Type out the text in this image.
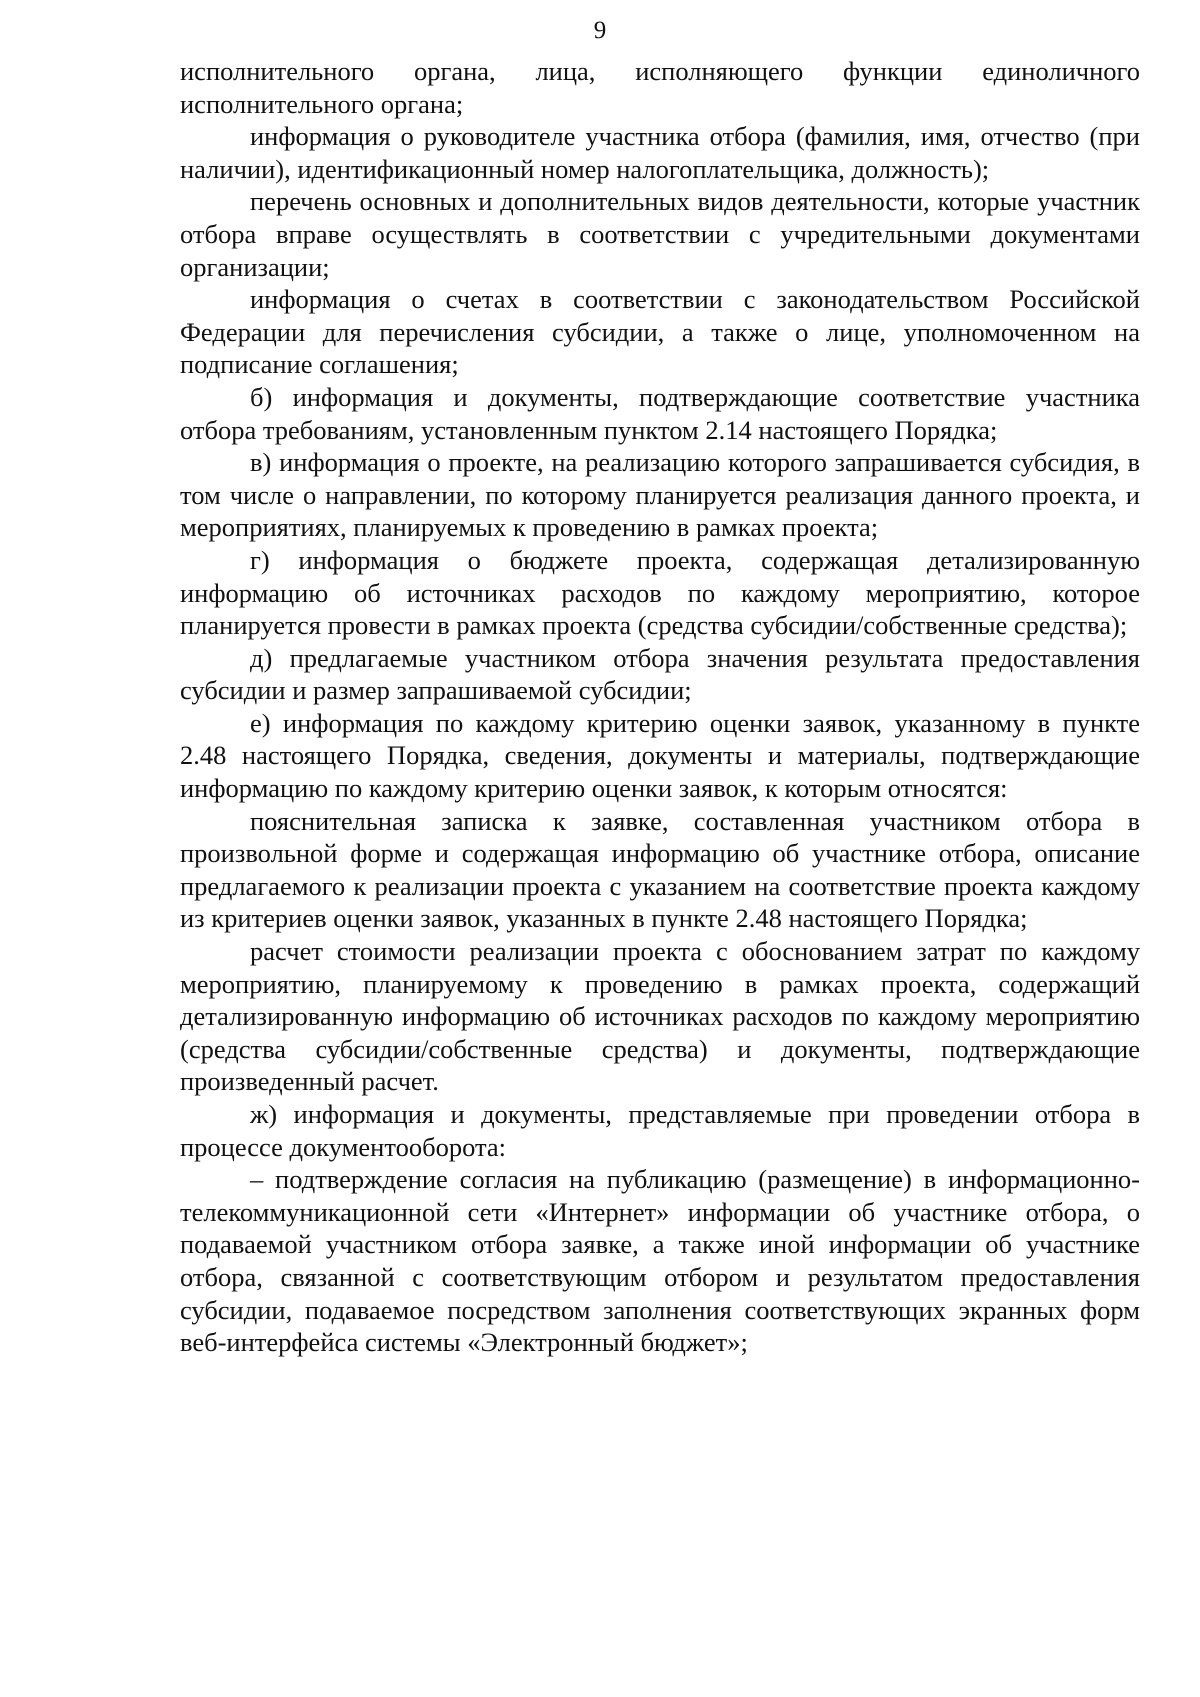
9

исполнительного органа, лица, исполняющего функции единоличного исполнительного органа;

информация о руководителе участника отбора (фамилия, имя, отчество (при наличии), идентификационный номер налогоплательщика, должность);

перечень основных и дополнительных видов деятельности, которые участник отбора вправе осуществлять в соответствии с учредительными документами организации;

информация о счетах в соответствии с законодательством Российской Федерации для перечисления субсидии, а также о лице, уполномоченном на подписание соглашения;

б) информация и документы, подтверждающие соответствие участника отбора требованиям, установленным пунктом 2.14 настоящего Порядка;

в) информация о проекте, на реализацию которого запрашивается субсидия, в том числе о направлении, по которому планируется реализация данного проекта, и мероприятиях, планируемых к проведению в рамках проекта;

г) информация о бюджете проекта, содержащая детализированную информацию об источниках расходов по каждому мероприятию, которое планируется провести в рамках проекта (средства субсидии/собственные средства);

д) предлагаемые участником отбора значения результата предоставления субсидии и размер запрашиваемой субсидии;

е) информация по каждому критерию оценки заявок, указанному в пункте 2.48 настоящего Порядка, сведения, документы и материалы, подтверждающие информацию по каждому критерию оценки заявок, к которым относятся:

пояснительная записка к заявке, составленная участником отбора в произвольной форме и содержащая информацию об участнике отбора, описание предлагаемого к реализации проекта с указанием на соответствие проекта каждому из критериев оценки заявок, указанных в пункте 2.48 настоящего Порядка;

расчет стоимости реализации проекта с обоснованием затрат по каждому мероприятию, планируемому к проведению в рамках проекта, содержащий детализированную информацию об источниках расходов по каждому мероприятию (средства субсидии/собственные средства) и документы, подтверждающие произведенный расчет.

ж) информация и документы, представляемые при проведении отбора в процессе документооборота:

– подтверждение согласия на публикацию (размещение) в информационно-телекоммуникационной сети «Интернет» информации об участнике отбора, о подаваемой участником отбора заявке, а также иной информации об участнике отбора, связанной с соответствующим отбором и результатом предоставления субсидии, подаваемое посредством заполнения соответствующих экранных форм веб-интерфейса системы «Электронный бюджет»;
